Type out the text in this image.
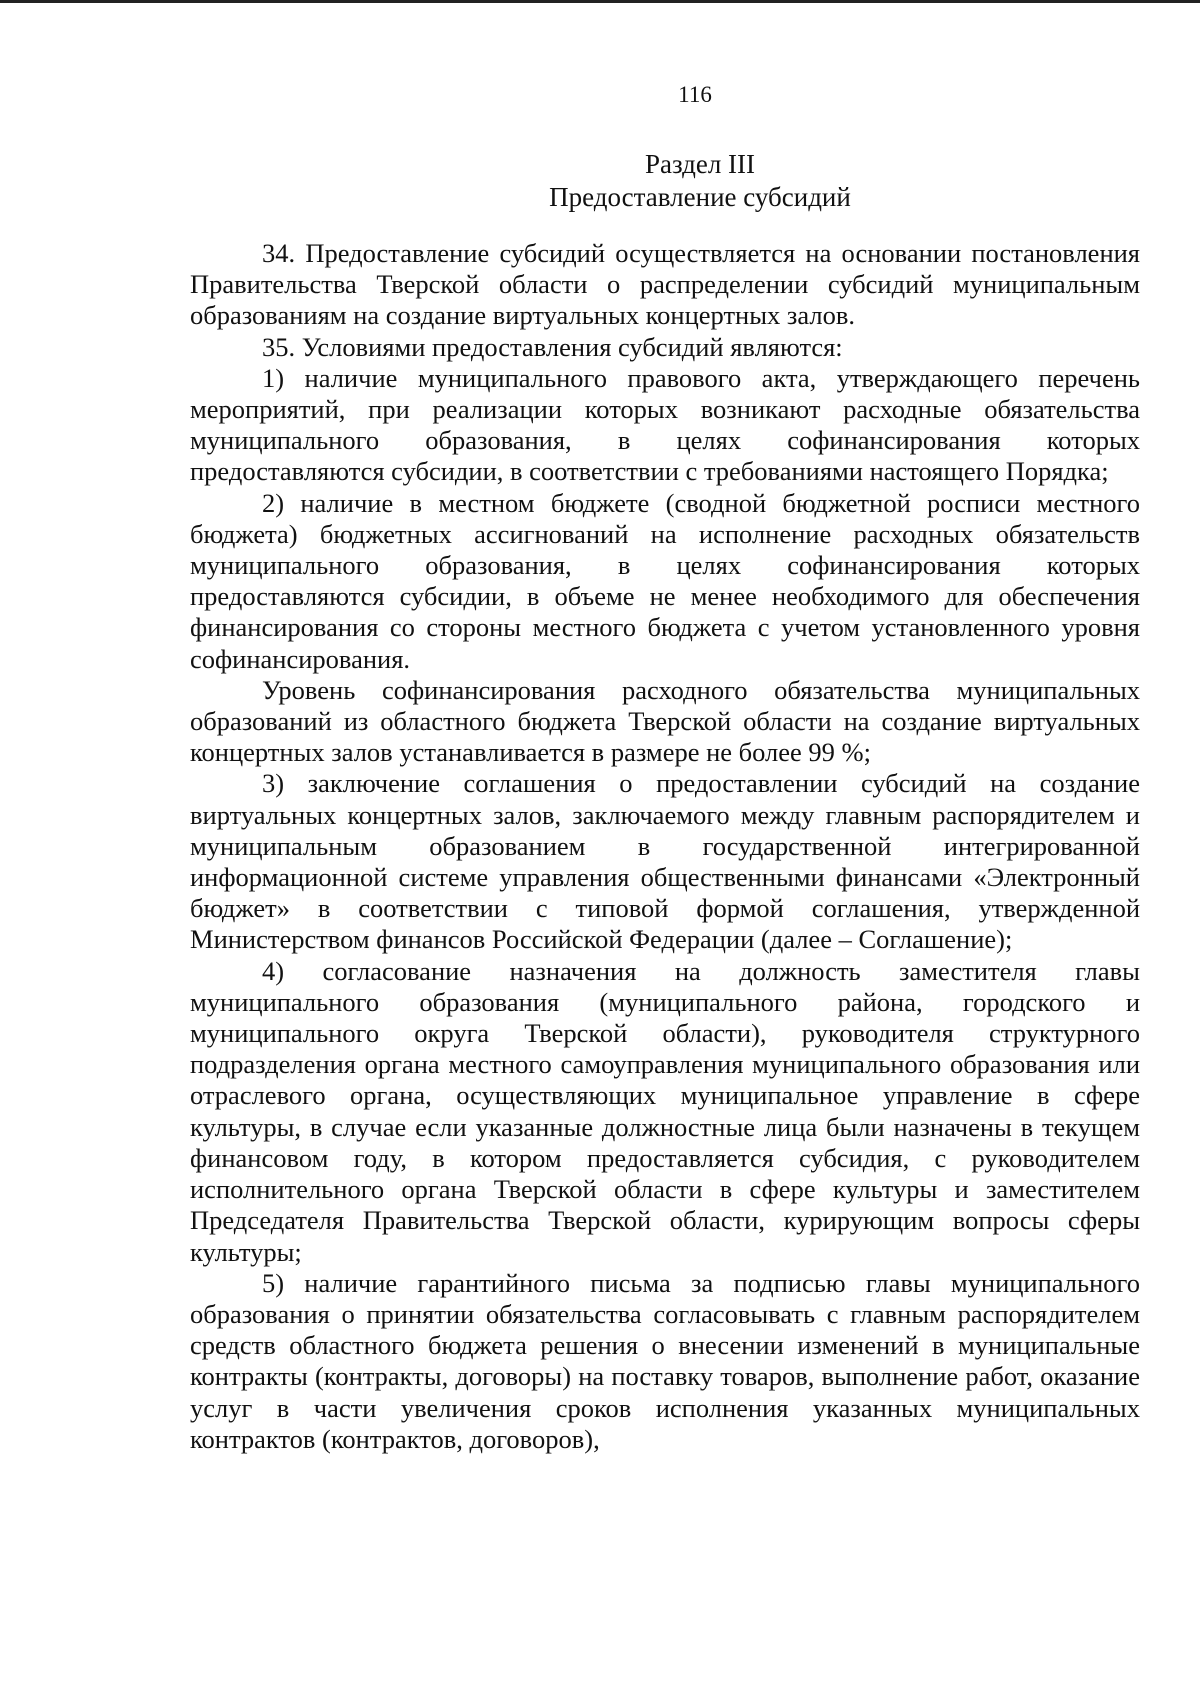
116
Раздел III
Предоставление субсидий

34. Предоставление субсидий осуществляется на основании постановления Правительства Тверской области о распределении субсидий муниципальным образованиям на создание виртуальных концертных залов.

35. Условиями предоставления субсидий являются:

1) наличие муниципального правового акта, утверждающего перечень мероприятий, при реализации которых возникают расходные обязательства муниципального образования, в целях софинансирования которых предоставляются субсидии, в соответствии с требованиями настоящего Порядка;

2) наличие в местном бюджете (сводной бюджетной росписи местного бюджета) бюджетных ассигнований на исполнение расходных обязательств муниципального образования, в целях софинансирования которых предоставляются субсидии, в объеме не менее необходимого для обеспечения финансирования со стороны местного бюджета с учетом установленного уровня софинансирования.

Уровень софинансирования расходного обязательства муниципальных образований из областного бюджета Тверской области на создание виртуальных концертных залов устанавливается в размере не более 99 %;

3) заключение соглашения о предоставлении субсидий на создание виртуальных концертных залов, заключаемого между главным распорядителем и муниципальным образованием в государственной интегрированной информационной системе управления общественными финансами «Электронный бюджет» в соответствии с типовой формой соглашения, утвержденной Министерством финансов Российской Федерации (далее – Соглашение);

4) согласование назначения на должность заместителя главы муниципального образования (муниципального района, городского и муниципального округа Тверской области), руководителя структурного подразделения органа местного самоуправления муниципального образования или отраслевого органа, осуществляющих муниципальное управление в сфере культуры, в случае если указанные должностные лица были назначены в текущем финансовом году, в котором предоставляется субсидия, с руководителем исполнительного органа Тверской области в сфере культуры и заместителем Председателя Правительства Тверской области, курирующим вопросы сферы культуры;

5) наличие гарантийного письма за подписью главы муниципального образования о принятии обязательства согласовывать с главным распорядителем средств областного бюджета решения о внесении изменений в муниципальные контракты (контракты, договоры) на поставку товаров, выполнение работ, оказание услуг в части увеличения сроков исполнения указанных муниципальных контрактов (контрактов, договоров),
